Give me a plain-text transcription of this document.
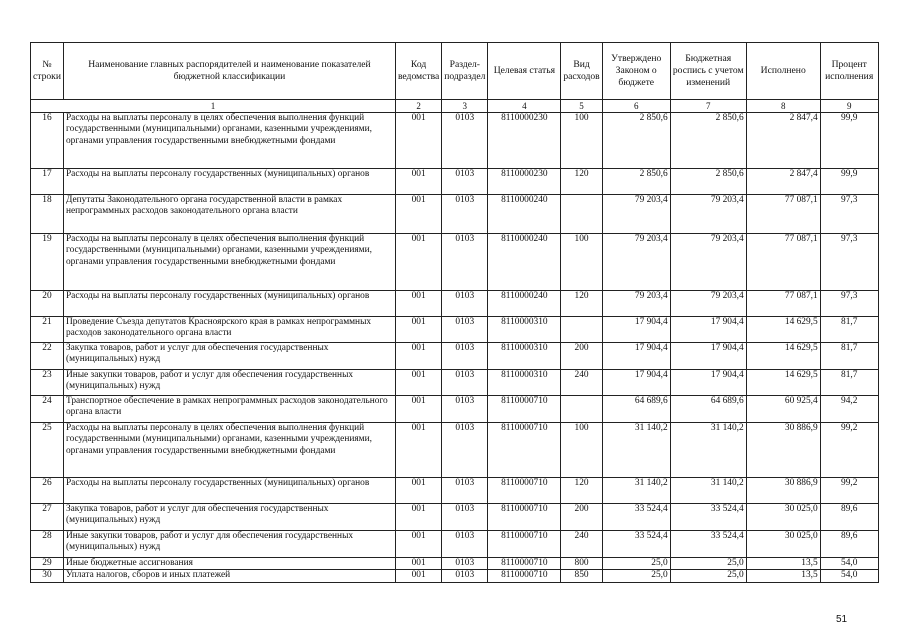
№ строки	Наименование главных распорядителей и наименование показателей бюджетной классификации	Код ведомства	Раздел-подраздел	Целевая статья	Вид расходов	Утверждено Законом о бюджете	Бюджетная роспись с учетом изменений	Исполнено	Процент исполнения
1		2	3	4	5	6	7	8	9
16	Расходы на выплаты персоналу в целях обеспечения выполнения функций государственными (муниципальными) органами, казенными учреждениями, органами управления государственными внебюджетными фондами	001	0103	8110000230	100	2 850,6	2 850,6	2 847,4	99,9
17	Расходы на выплаты персоналу государственных (муниципальных) органов	001	0103	8110000230	120	2 850,6	2 850,6	2 847,4	99,9
18	Депутаты Законодательного органа государственной власти в рамках непрограммных расходов законодательного органа власти	001	0103	8110000240		79 203,4	79 203,4	77 087,1	97,3
19	Расходы на выплаты персоналу в целях обеспечения выполнения функций государственными (муниципальными) органами, казенными учреждениями, органами управления государственными внебюджетными фондами	001	0103	8110000240	100	79 203,4	79 203,4	77 087,1	97,3
20	Расходы на выплаты персоналу государственных (муниципальных) органов	001	0103	8110000240	120	79 203,4	79 203,4	77 087,1	97,3
21	Проведение Съезда депутатов Красноярского края в рамках непрограммных расходов законодательного органа власти	001	0103	8110000310		17 904,4	17 904,4	14 629,5	81,7
22	Закупка товаров, работ и услуг для обеспечения государственных (муниципальных) нужд	001	0103	8110000310	200	17 904,4	17 904,4	14 629,5	81,7
23	Иные закупки товаров, работ и услуг для обеспечения государственных (муниципальных) нужд	001	0103	8110000310	240	17 904,4	17 904,4	14 629,5	81,7
24	Транспортное обеспечение в рамках непрограммных расходов законодательного органа власти	001	0103	8110000710		64 689,6	64 689,6	60 925,4	94,2
25	Расходы на выплаты персоналу в целях обеспечения выполнения функций государственными (муниципальными) органами, казенными учреждениями, органами управления государственными внебюджетными фондами	001	0103	8110000710	100	31 140,2	31 140,2	30 886,9	99,2
26	Расходы на выплаты персоналу государственных (муниципальных) органов	001	0103	8110000710	120	31 140,2	31 140,2	30 886,9	99,2
27	Закупка товаров, работ и услуг для обеспечения государственных (муниципальных) нужд	001	0103	8110000710	200	33 524,4	33 524,4	30 025,0	89,6
28	Иные закупки товаров, работ и услуг для обеспечения государственных (муниципальных) нужд	001	0103	8110000710	240	33 524,4	33 524,4	30 025,0	89,6
29	Иные бюджетные ассигнования	001	0103	8110000710	800	25,0	25,0	13,5	54,0
30	Уплата налогов, сборов и иных платежей	001	0103	8110000710	850	25,0	25,0	13,5	54,0
51
